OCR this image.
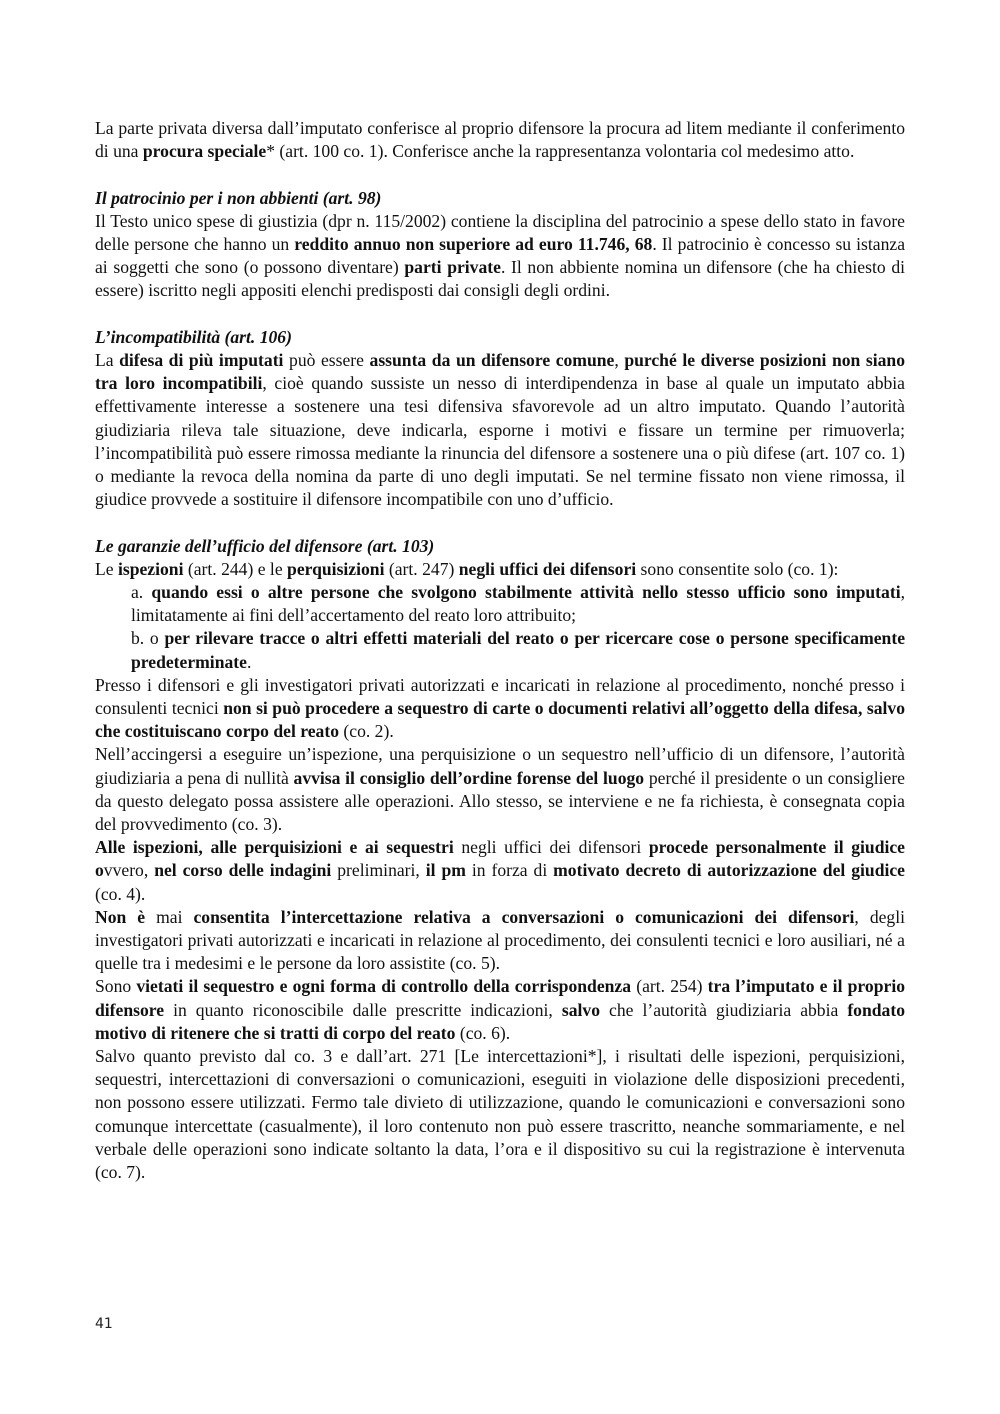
La parte privata diversa dall’imputato conferisce al proprio difensore la procura ad litem mediante il conferimento di una procura speciale* (art. 100 co. 1). Conferisce anche la rappresentanza volontaria col medesimo atto.

Il patrocinio per i non abbienti (art. 98)

Il Testo unico spese di giustizia (dpr n. 115/2002) contiene la disciplina del patrocinio a spese dello stato in favore delle persone che hanno un reddito annuo non superiore ad euro 11.746, 68. Il patrocinio è concesso su istanza ai soggetti che sono (o possono diventare) parti private. Il non abbiente nomina un difensore (che ha chiesto di essere) iscritto negli appositi elenchi predisposti dai consigli degli ordini.

L’incompatibilità (art. 106)

La difesa di più imputati può essere assunta da un difensore comune, purché le diverse posizioni non siano tra loro incompatibili, cioè quando sussiste un nesso di interdipendenza in base al quale un imputato abbia effettivamente interesse a sostenere una tesi difensiva sfavorevole ad un altro imputato. Quando l’autorità giudiziaria rileva tale situazione, deve indicarla, esporne i motivi e fissare un termine per rimuoverla; l’incompatibilità può essere rimossa mediante la rinuncia del difensore a sostenere una o più difese (art. 107 co. 1) o mediante la revoca della nomina da parte di uno degli imputati. Se nel termine fissato non viene rimossa, il giudice provvede a sostituire il difensore incompatibile con uno d’ufficio.

Le garanzie dell’ufficio del difensore (art. 103)

Le ispezioni (art. 244) e le perquisizioni (art. 247) negli uffici dei difensori sono consentite solo (co. 1):

a. quando essi o altre persone che svolgono stabilmente attività nello stesso ufficio sono imputati, limitatamente ai fini dell’accertamento del reato loro attribuito;

b. o per rilevare tracce o altri effetti materiali del reato o per ricercare cose o persone specificamente predeterminate.

Presso i difensori e gli investigatori privati autorizzati e incaricati in relazione al procedimento, nonché presso i consulenti tecnici non si può procedere a sequestro di carte o documenti relativi all’oggetto della difesa, salvo che costituiscano corpo del reato (co. 2).

Nell’accingersi a eseguire un’ispezione, una perquisizione o un sequestro nell’ufficio di un difensore, l’autorità giudiziaria a pena di nullità avvisa il consiglio dell’ordine forense del luogo perché il presidente o un consigliere da questo delegato possa assistere alle operazioni. Allo stesso, se interviene e ne fa richiesta, è consegnata copia del provvedimento (co. 3).

Alle ispezioni, alle perquisizioni e ai sequestri negli uffici dei difensori procede personalmente il giudice ovvero, nel corso delle indagini preliminari, il pm in forza di motivato decreto di autorizzazione del giudice (co. 4).

Non è mai consentita l’intercettazione relativa a conversazioni o comunicazioni dei difensori, degli investigatori privati autorizzati e incaricati in relazione al procedimento, dei consulenti tecnici e loro ausiliari, né a quelle tra i medesimi e le persone da loro assistite (co. 5).

Sono vietati il sequestro e ogni forma di controllo della corrispondenza (art. 254) tra l’imputato e il proprio difensore in quanto riconoscibile dalle prescritte indicazioni, salvo che l’autorità giudiziaria abbia fondato motivo di ritenere che si tratti di corpo del reato (co. 6).

Salvo quanto previsto dal co. 3 e dall’art. 271 [Le intercettazioni*], i risultati delle ispezioni, perquisizioni, sequestri, intercettazioni di conversazioni o comunicazioni, eseguiti in violazione delle disposizioni precedenti, non possono essere utilizzati. Fermo tale divieto di utilizzazione, quando le comunicazioni e conversazioni sono comunque intercettate (casualmente), il loro contenuto non può essere trascritto, neanche sommariamente, e nel verbale delle operazioni sono indicate soltanto la data, l’ora e il dispositivo su cui la registrazione è intervenuta (co. 7).

41
